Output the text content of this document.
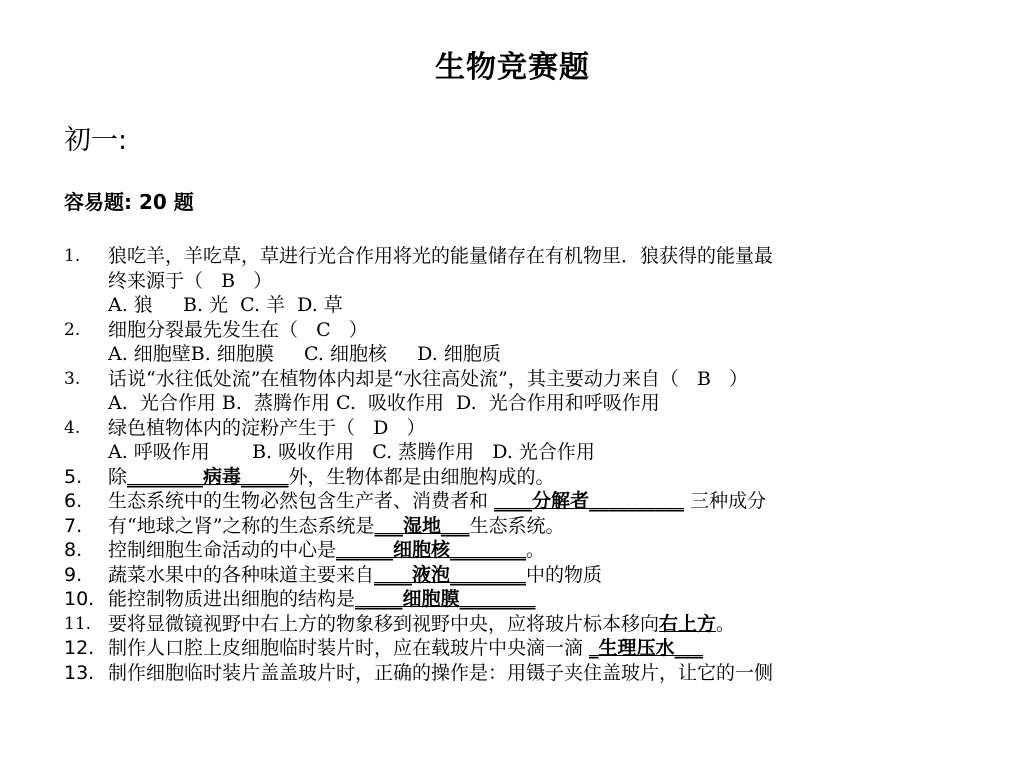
生物竞赛题
初一:
容易题: 20 题
1. 狼吃羊，羊吃草，草进行光合作用将光的能量储存在有机物里．狼获得的能量最
终来源于（   B   ）
A. 狼     B. 光  C. 羊  D. 草
2. 细胞分裂最先发生在（   C   ）
A. 细胞壁B. 细胞膜     C. 细胞核     D. 细胞质
3. 话说“水往低处流”在植物体内却是“水往高处流”，其主要动力来自（   B   ）
A.  光合作用 B.  蒸腾作用 C.  吸收作用  D.  光合作用和呼吸作用
4. 绿色植物体内的淀粉产生于（   D   ）
A. 呼吸作用       B. 吸收作用   C. 蒸腾作用   D. 光合作用
5. 除________病毒_____外，生物体都是由细胞构成的。
6. 生态系统中的生物必然包含生产者、消费者和 ____分解者__________ 三种成分
7. 有“地球之肾”之称的生态系统是___湿地___生态系统。
8. 控制细胞生命活动的中心是______细胞核________。
9. 蔬菜水果中的各种味道主要来自____液泡________中的物质
10. 能控制物质进出细胞的结构是_____细胞膜________
11. 要将显微镜视野中右上方的物象移到视野中央，应将玻片标本移向右上方。
12. 制作人口腔上皮细胞临时装片时，应在载玻片中央滴一滴 _生理压水___
13. 制作细胞临时装片盖盖玻片时，正确的操作是：用镊子夹住盖玻片，让它的一侧
